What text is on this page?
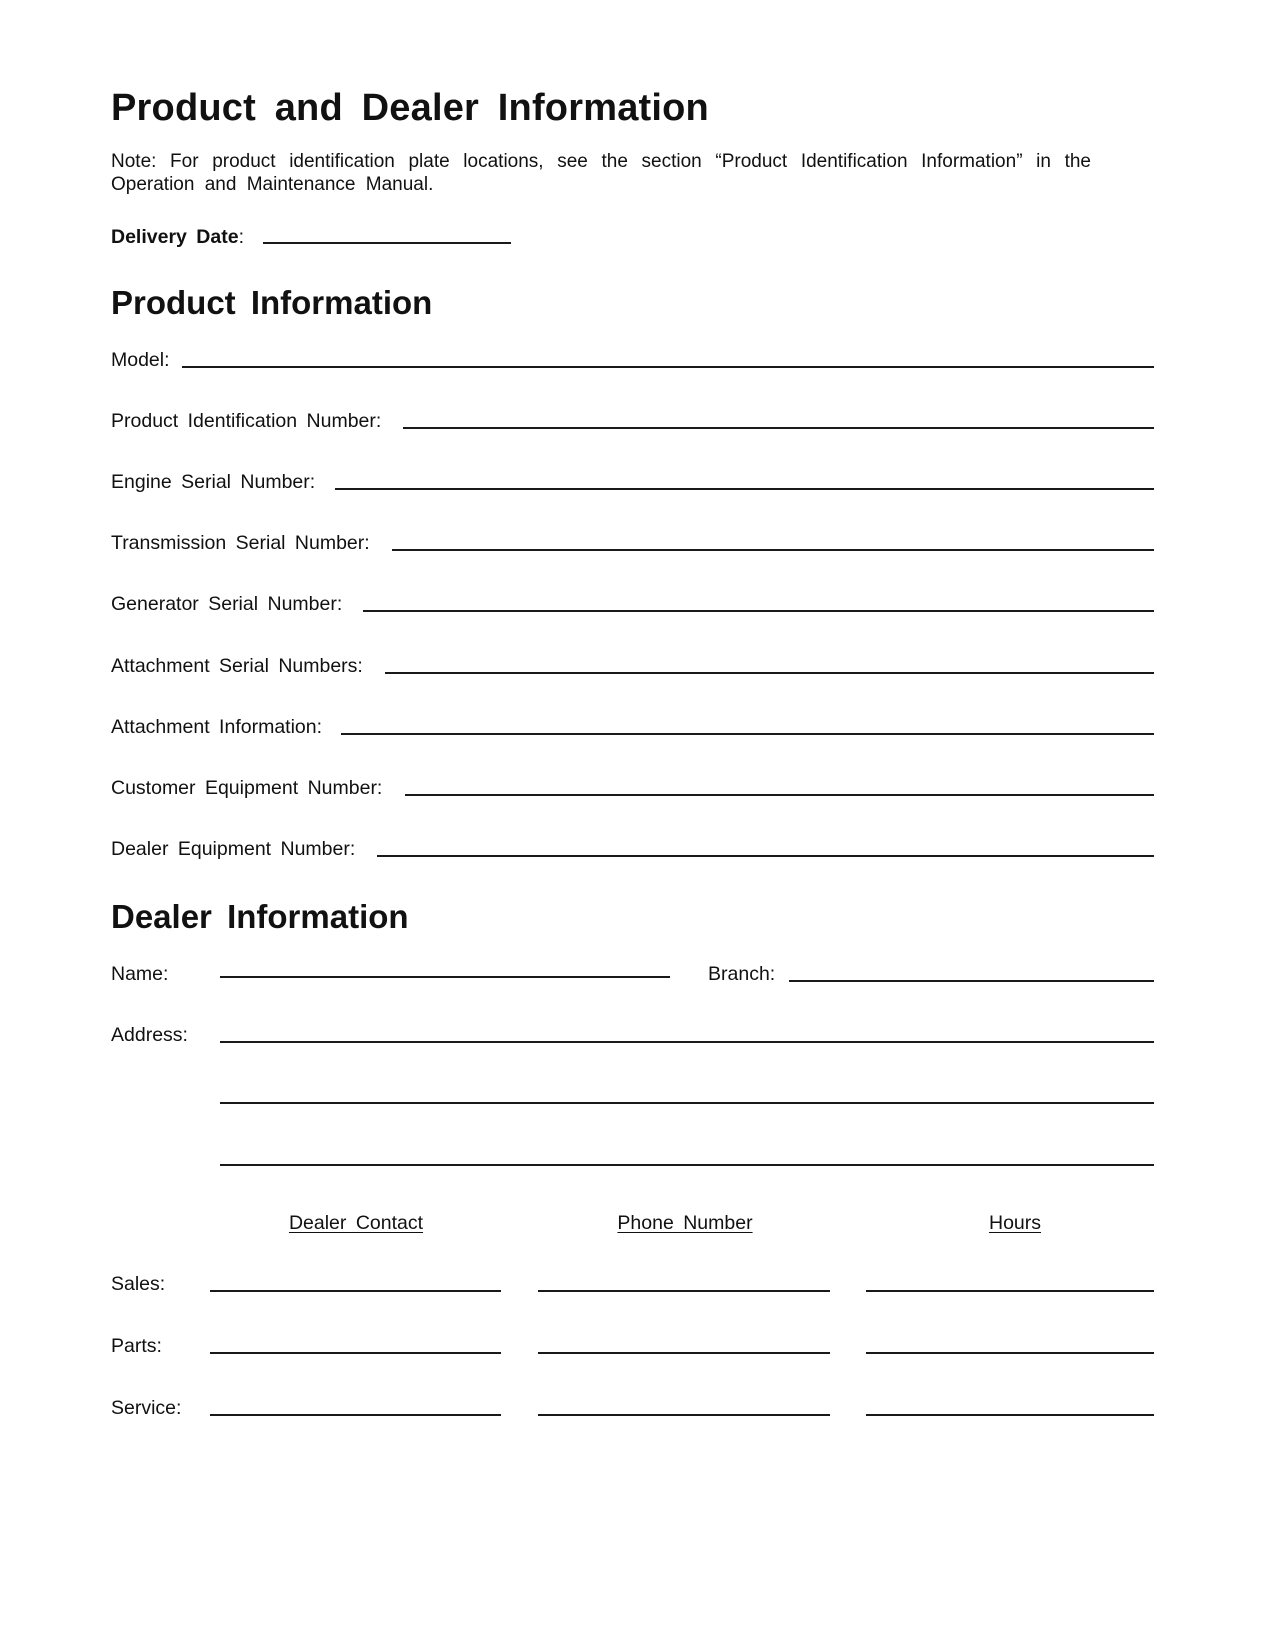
Product and Dealer Information
Note: For product identification plate locations, see the section “Product Identification Information” in the Operation and Maintenance Manual.
Delivery Date:
Product Information
Model:
Product Identification Number:
Engine Serial Number:
Transmission Serial Number:
Generator Serial Number:
Attachment Serial Numbers:
Attachment Information:
Customer Equipment Number:
Dealer Equipment Number:
Dealer Information
Name:	Branch:
Address:
Dealer Contact	Phone Number	Hours
Sales:
Parts:
Service:
